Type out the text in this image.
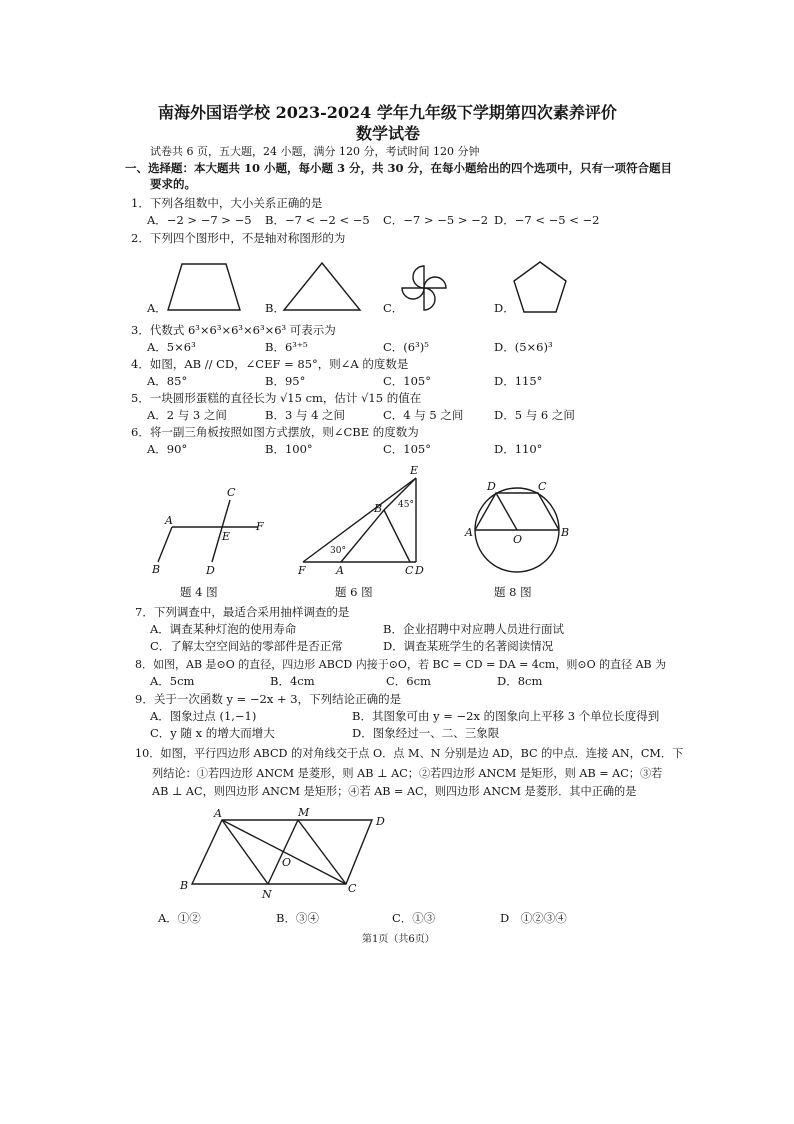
南海外国语学校 2023-2024 学年九年级下学期第四次素养评价
数学试卷
试卷共 6 页，五大题，24 小题，满分 120 分，考试时间 120 分钟
一、选择题：本大题共 10 小题，每小题 3 分，共 30 分，在每小题给出的四个选项中，只有一项符合题目
要求的。
1．下列各组数中，大小关系正确的是
A．−2 > −7 > −5 B．−7 < −2 < −5 C．−7 > −5 > −2 D．−7 < −5 < −2
2．下列四个图形中，不是轴对称图形的为
A．	B．	C．	D．
3．代数式 6³×6³×6³×6³×6³ 可表示为
A．5×6³	B．6³⁺⁵	C．(6³)⁵	D．(5×6)³
4．如图，AB // CD，∠CEF = 85°，则∠A 的度数是
A．85°	B．95°	C．105°	D．115°
5．一块圆形蛋糕的直径长为 √15 cm，估计 √15 的值在
A．2 与 3 之间	B．3 与 4 之间	C．4 与 5 之间	D．5 与 6 之间
6．将一副三角板按照如图方式摆放，则∠CBE 的度数为
A．90°	B．100°	C．105°	D．110°
A
B
C
D
E
F
E
B 45°
30°
F	A	C D
D	C
A
O
B
题 4 图	题 6 图	题 8 图
7．下列调查中，最适合采用抽样调查的是
A．调查某种灯泡的使用寿命	B．企业招聘中对应聘人员进行面试
C．了解太空空间站的零部件是否正常	D．调查某班学生的名著阅读情况
8．如图，AB 是⊙O 的直径，四边形 ABCD 内接于⊙O，若 BC = CD = DA = 4cm，则⊙O 的直径 AB 为
A．5cm	B．4cm	C．6cm	D．8cm
9．关于一次函数 y = −2x + 3，下列结论正确的是
A．图象过点 (1,−1)	B．其图象可由 y = −2x 的图象向上平移 3 个单位长度得到
C．y 随 x 的增大而增大	D．图象经过一、二、三象限
10．如图，平行四边形 ABCD 的对角线交于点 O．点 M、N 分别是边 AD，BC 的中点．连接 AN，CM．下
列结论：①若四边形 ANCM 是菱形，则 AB ⊥ AC；②若四边形 ANCM 是矩形，则 AB = AC；③若
AB ⊥ AC，则四边形 ANCM 是矩形；④若 AB = AC，则四边形 ANCM 是菱形．其中正确的是
A	M
D
O
B
N	C
A．①②	B．③④	C．①③	D　①②③④
第1页（共6页）
